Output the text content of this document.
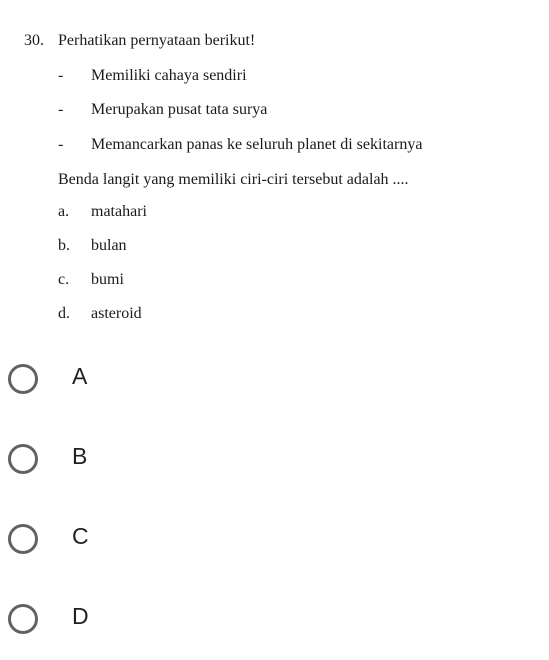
30. Perhatikan pernyataan berikut!
- Memiliki cahaya sendiri
- Merupakan pusat tata surya
- Memancarkan panas ke seluruh planet di sekitarnya
Benda langit yang memiliki ciri-ciri tersebut adalah ....
a. matahari
b. bulan
c. bumi
d. asteroid
A
B
C
D
